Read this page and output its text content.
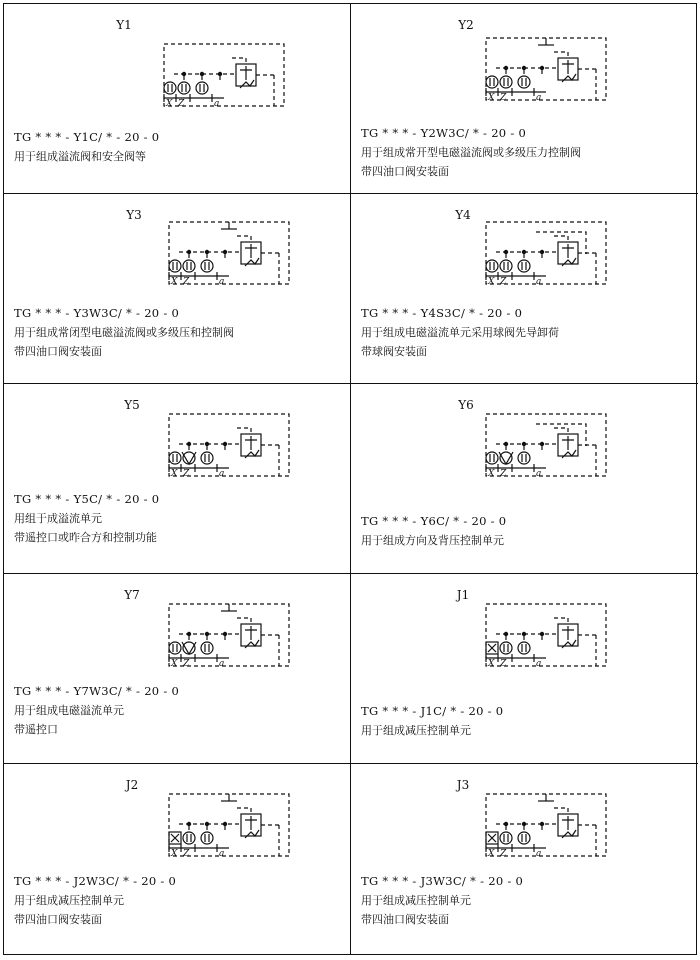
Y1
X Z	a
TG * * * - Y1C/ * - 20 - 0
用于组成溢流阀和安全阀等
Y2
X Z	a
TG * * * - Y2W3C/ * - 20 - 0
用于组成常开型电磁溢流阀或多级压力控制阀
带四油口阀安装面
Y3
X Z	a
TG * * * - Y3W3C/ * - 20 - 0
用于组成常闭型电磁溢流阀或多级压和控制阀
带四油口阀安装面
Y4
X Z	a
TG * * * - Y4S3C/ * - 20 - 0
用于组成电磁溢流单元采用球阀先导卸荷
带球阀安装面
Y5
X Z	a
TG * * * - Y5C/ * - 20 - 0
用组于成溢流单元
带遥控口或昨合方和控制功能
Y6
X Z	a
TG * * * - Y6C/ * - 20 - 0
用于组成方向及背压控制单元
Y7
X Z	a
TG * * * - Y7W3C/ * - 20 - 0
用于组成电磁溢流单元
带遥控口
J1
X Z	a
TG * * * - J1C/ * - 20 - 0
用于组成减压控制单元
J2
X Z	a
TG * * * - J2W3C/ * - 20 - 0
用于组成减压控制单元
带四油口阀安装面
J3
X Z	a
TG * * * - J3W3C/ * - 20 - 0
用于组成减压控制单元
带四油口阀安装面
